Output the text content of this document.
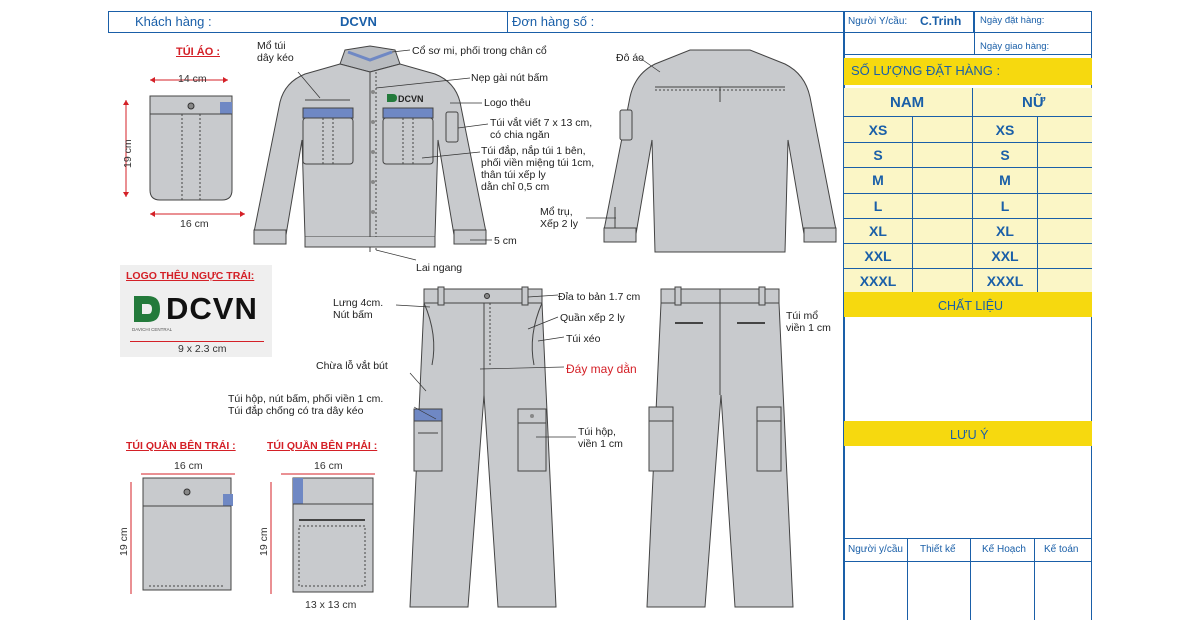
Khách hàng :	DCVN	Đơn hàng số :	Người Y/cầu: C.Trinh Ngày đặt hàng:
Ngày giao hàng:
SỐ LƯỢNG ĐẶT HÀNG :
NAM	NỮ
XS	XS
S	S
M	M
L	L
XL	XL
XXL	XXL
XXXL	XXXL
CHẤT LIỆU
LƯU Ý
Người y/cầu Thiết kế	Kế Hoạch Kế toán
TÚI ÁO :
14 cm
19 cm
16 cm
LOGO THÊU NGỰC TRÁI:
DCVN
DAVICHI CENTRAL
9 x 2.3 cm
DCVN
Mổ túi
dây kéo
Cổ sơ mi, phối trong chân cổ
Nẹp gài nút bấm
Logo thêu
Túi vắt viết 7 x 13 cm,
có chia ngăn
Túi đắp, nắp túi 1 bên,
phối viền miệng túi 1cm,
thân túi xếp ly
dằn chỉ 0,5 cm
5 cm
Lai ngang
Đô áo
Mổ trụ,
Xếp 2 ly
Lưng 4cm.
Nút bấm
Đỉa to bản 1.7 cm
Quần xếp 2 ly
Túi xéo
Đáy may dằn
Chừa lỗ vắt bút
Túi hộp, nút bấm, phối viền 1 cm.
Túi đắp chống có tra dây kéo
Túi hộp,
viền 1 cm
Túi mổ
viền 1 cm
TÚI QUẦN BÊN TRÁI :
16 cm
19 cm
TÚI QUẦN BÊN PHẢI :
16 cm
19 cm
13 x 13 cm
